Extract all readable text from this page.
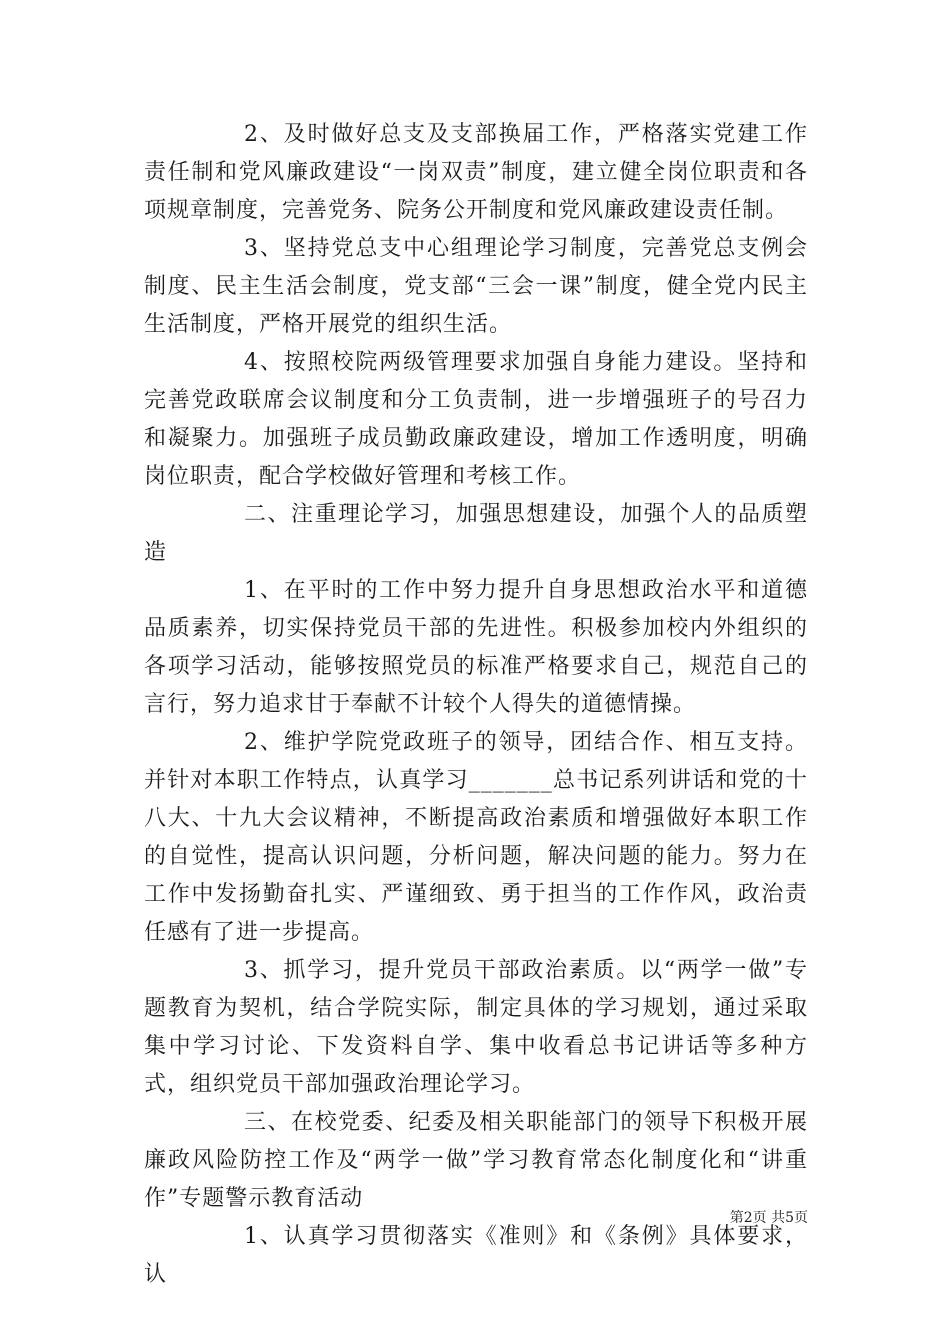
2、及时做好总支及支部换届工作，严格落实党建工作责任制和党风廉政建设“一岗双责”制度，建立健全岗位职责和各项规章制度，完善党务、院务公开制度和党风廉政建设责任制。

3、坚持党总支中心组理论学习制度，完善党总支例会制度、民主生活会制度，党支部“三会一课”制度，健全党内民主生活制度，严格开展党的组织生活。

4、按照校院两级管理要求加强自身能力建设。坚持和完善党政联席会议制度和分工负责制，进一步增强班子的号召力和凝聚力。加强班子成员勤政廉政建设，增加工作透明度，明确岗位职责，配合学校做好管理和考核工作。

二、注重理论学习，加强思想建设，加强个人的品质塑造

1、在平时的工作中努力提升自身思想政治水平和道德品质素养，切实保持党员干部的先进性。积极参加校内外组织的各项学习活动，能够按照党员的标准严格要求自己，规范自己的言行，努力追求甘于奉献不计较个人得失的道德情操。

2、维护学院党政班子的领导，团结合作、相互支持。并针对本职工作特点，认真学习_______总书记系列讲话和党的十八大、十九大会议精神，不断提高政治素质和增强做好本职工作的自觉性，提高认识问题，分析问题，解决问题的能力。努力在工作中发扬勤奋扎实、严谨细致、勇于担当的工作作风，政治责任感有了进一步提高。

3、抓学习，提升党员干部政治素质。以“两学一做”专题教育为契机，结合学院实际，制定具体的学习规划，通过采取集中学习讨论、下发资料自学、集中收看总书记讲话等多种方式，组织党员干部加强政治理论学习。

三、在校党委、纪委及相关职能部门的领导下积极开展廉政风险防控工作及“两学一做”学习教育常态化制度化和“讲重作”专题警示教育活动

1、认真学习贯彻落实《准则》和《条例》具体要求，认

第2页 共5页
